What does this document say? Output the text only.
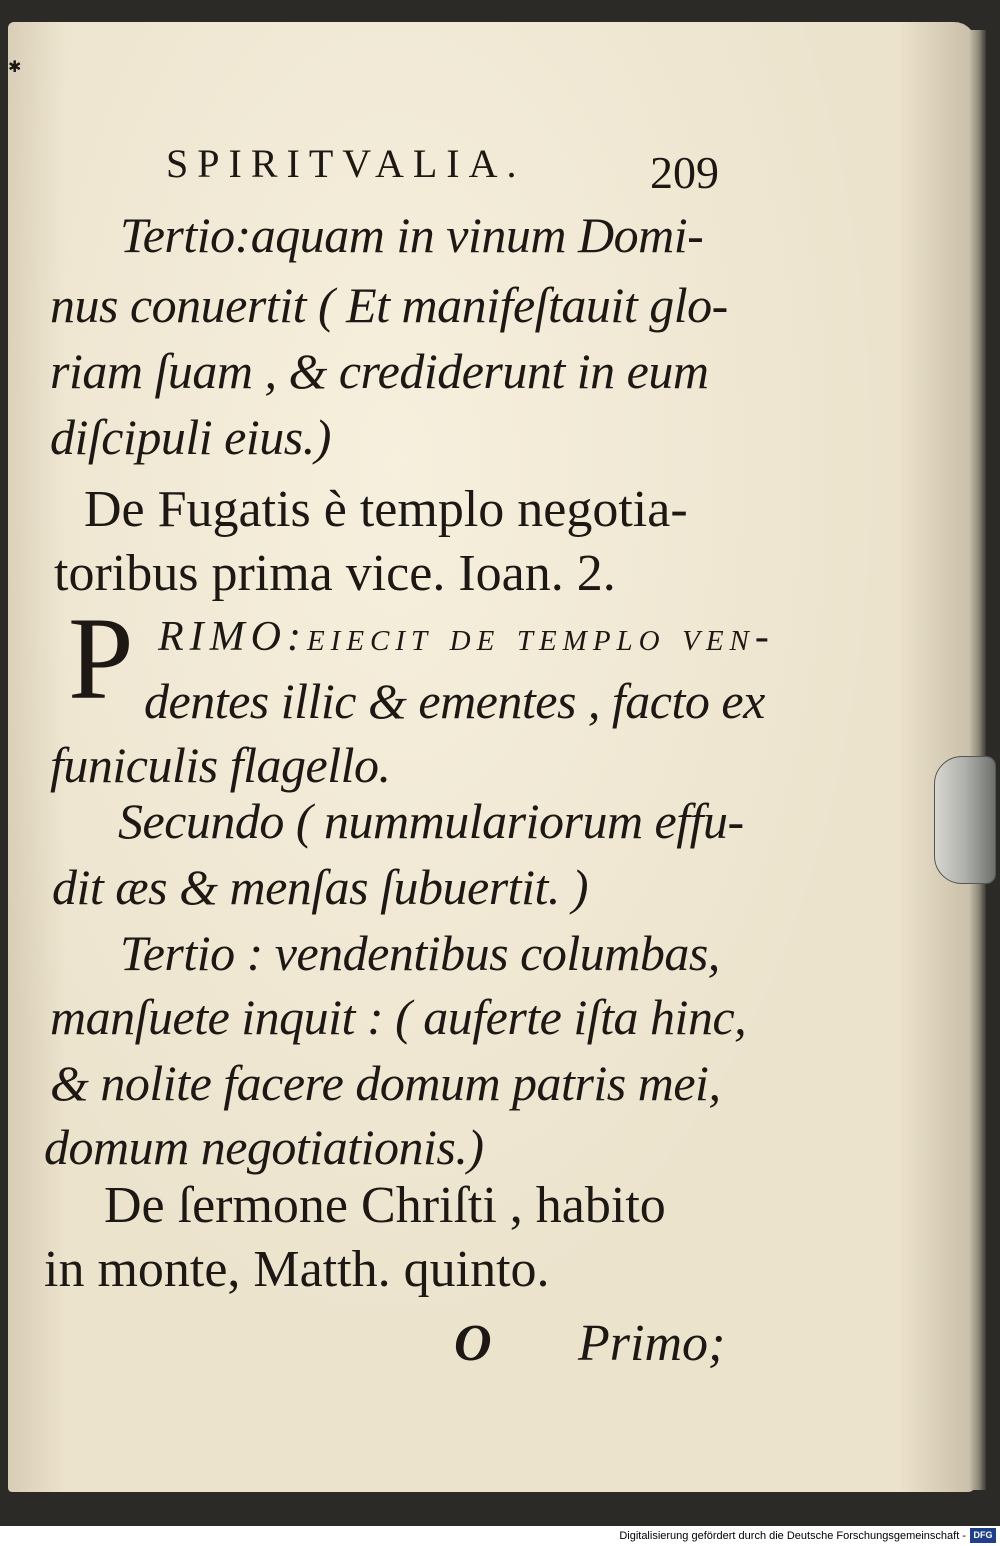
✱
SPIRITVALIA.	209

Tertio:aquam in vinum Domi-

nus conuertit ( Et manifeſtauit glo-

riam ſuam , & crediderunt in eum

diſcipuli eius.)

De Fugatis è templo negotia-

toribus prima vice. Ioan. 2.

P RIMO:eiecit de templo ven-

dentes illic & ementes , facto ex

funiculis flagello.

Secundo ( nummulariorum effu-

dit æs & menſas ſubuertit. )

Tertio : vendentibus columbas,

manſuete inquit : ( auferte iſta hinc,

& nolite facere domum patris mei,

domum negotiationis.)

De ſermone Chriſti , habito

in monte, Matth. quinto.

O Primo;
Digitalisierung gefördert durch die Deutsche Forschungsgemeinschaft - DFG
